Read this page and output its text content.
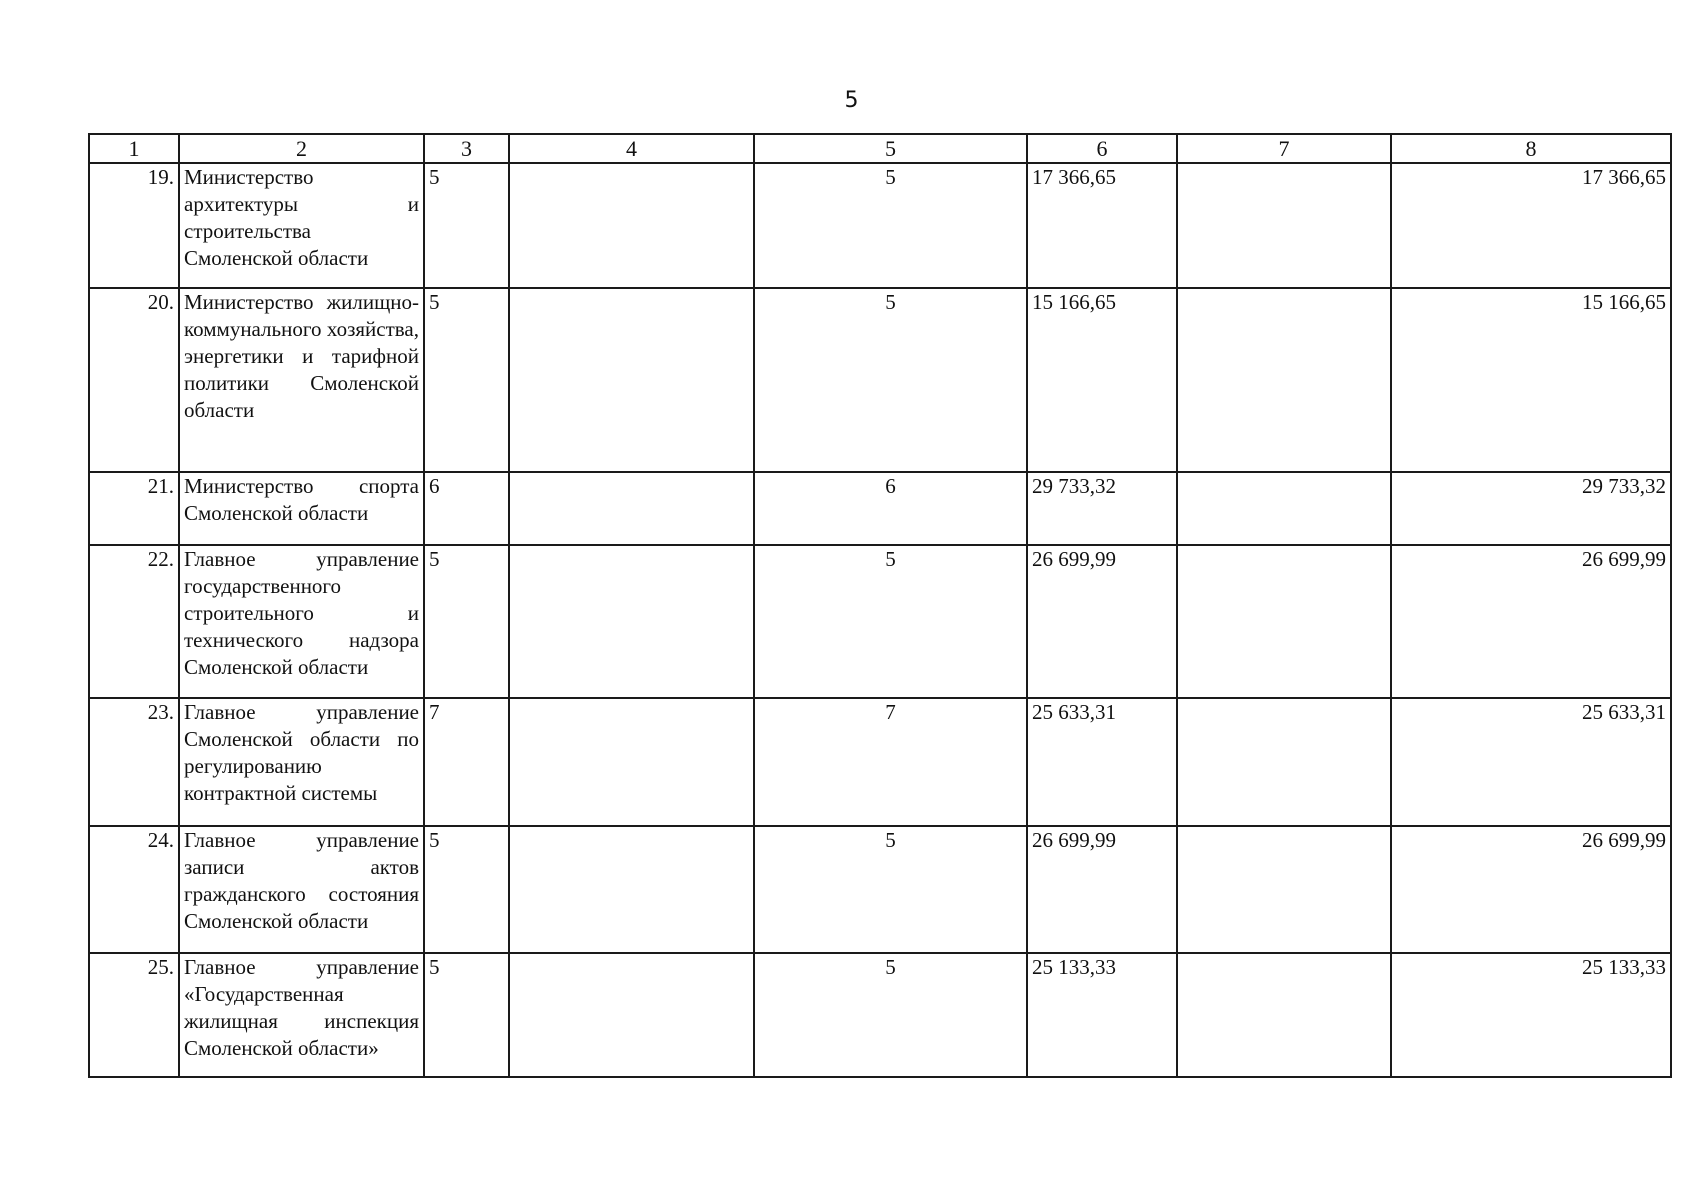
5
1	2	3	4	5	6	7	8
19.	Министерство архитектуры и строительства Смоленской области	5		5	17 366,65		17 366,65
20.	Министерство жилищно-коммунального хозяйства, энергетики и тарифной политики Смоленской области	5		5	15 166,65		15 166,65
21.	Министерство спорта Смоленской области	6		6	29 733,32		29 733,32
22.	Главное управление государственного строительного и технического надзора Смоленской области	5		5	26 699,99		26 699,99
23.	Главное управление Смоленской области по регулированию контрактной системы	7		7	25 633,31		25 633,31
24.	Главное управление записи актов гражданского состояния Смоленской области	5		5	26 699,99		26 699,99
25.	Главное управление «Государственная жилищная инспекция Смоленской области»	5		5	25 133,33		25 133,33
